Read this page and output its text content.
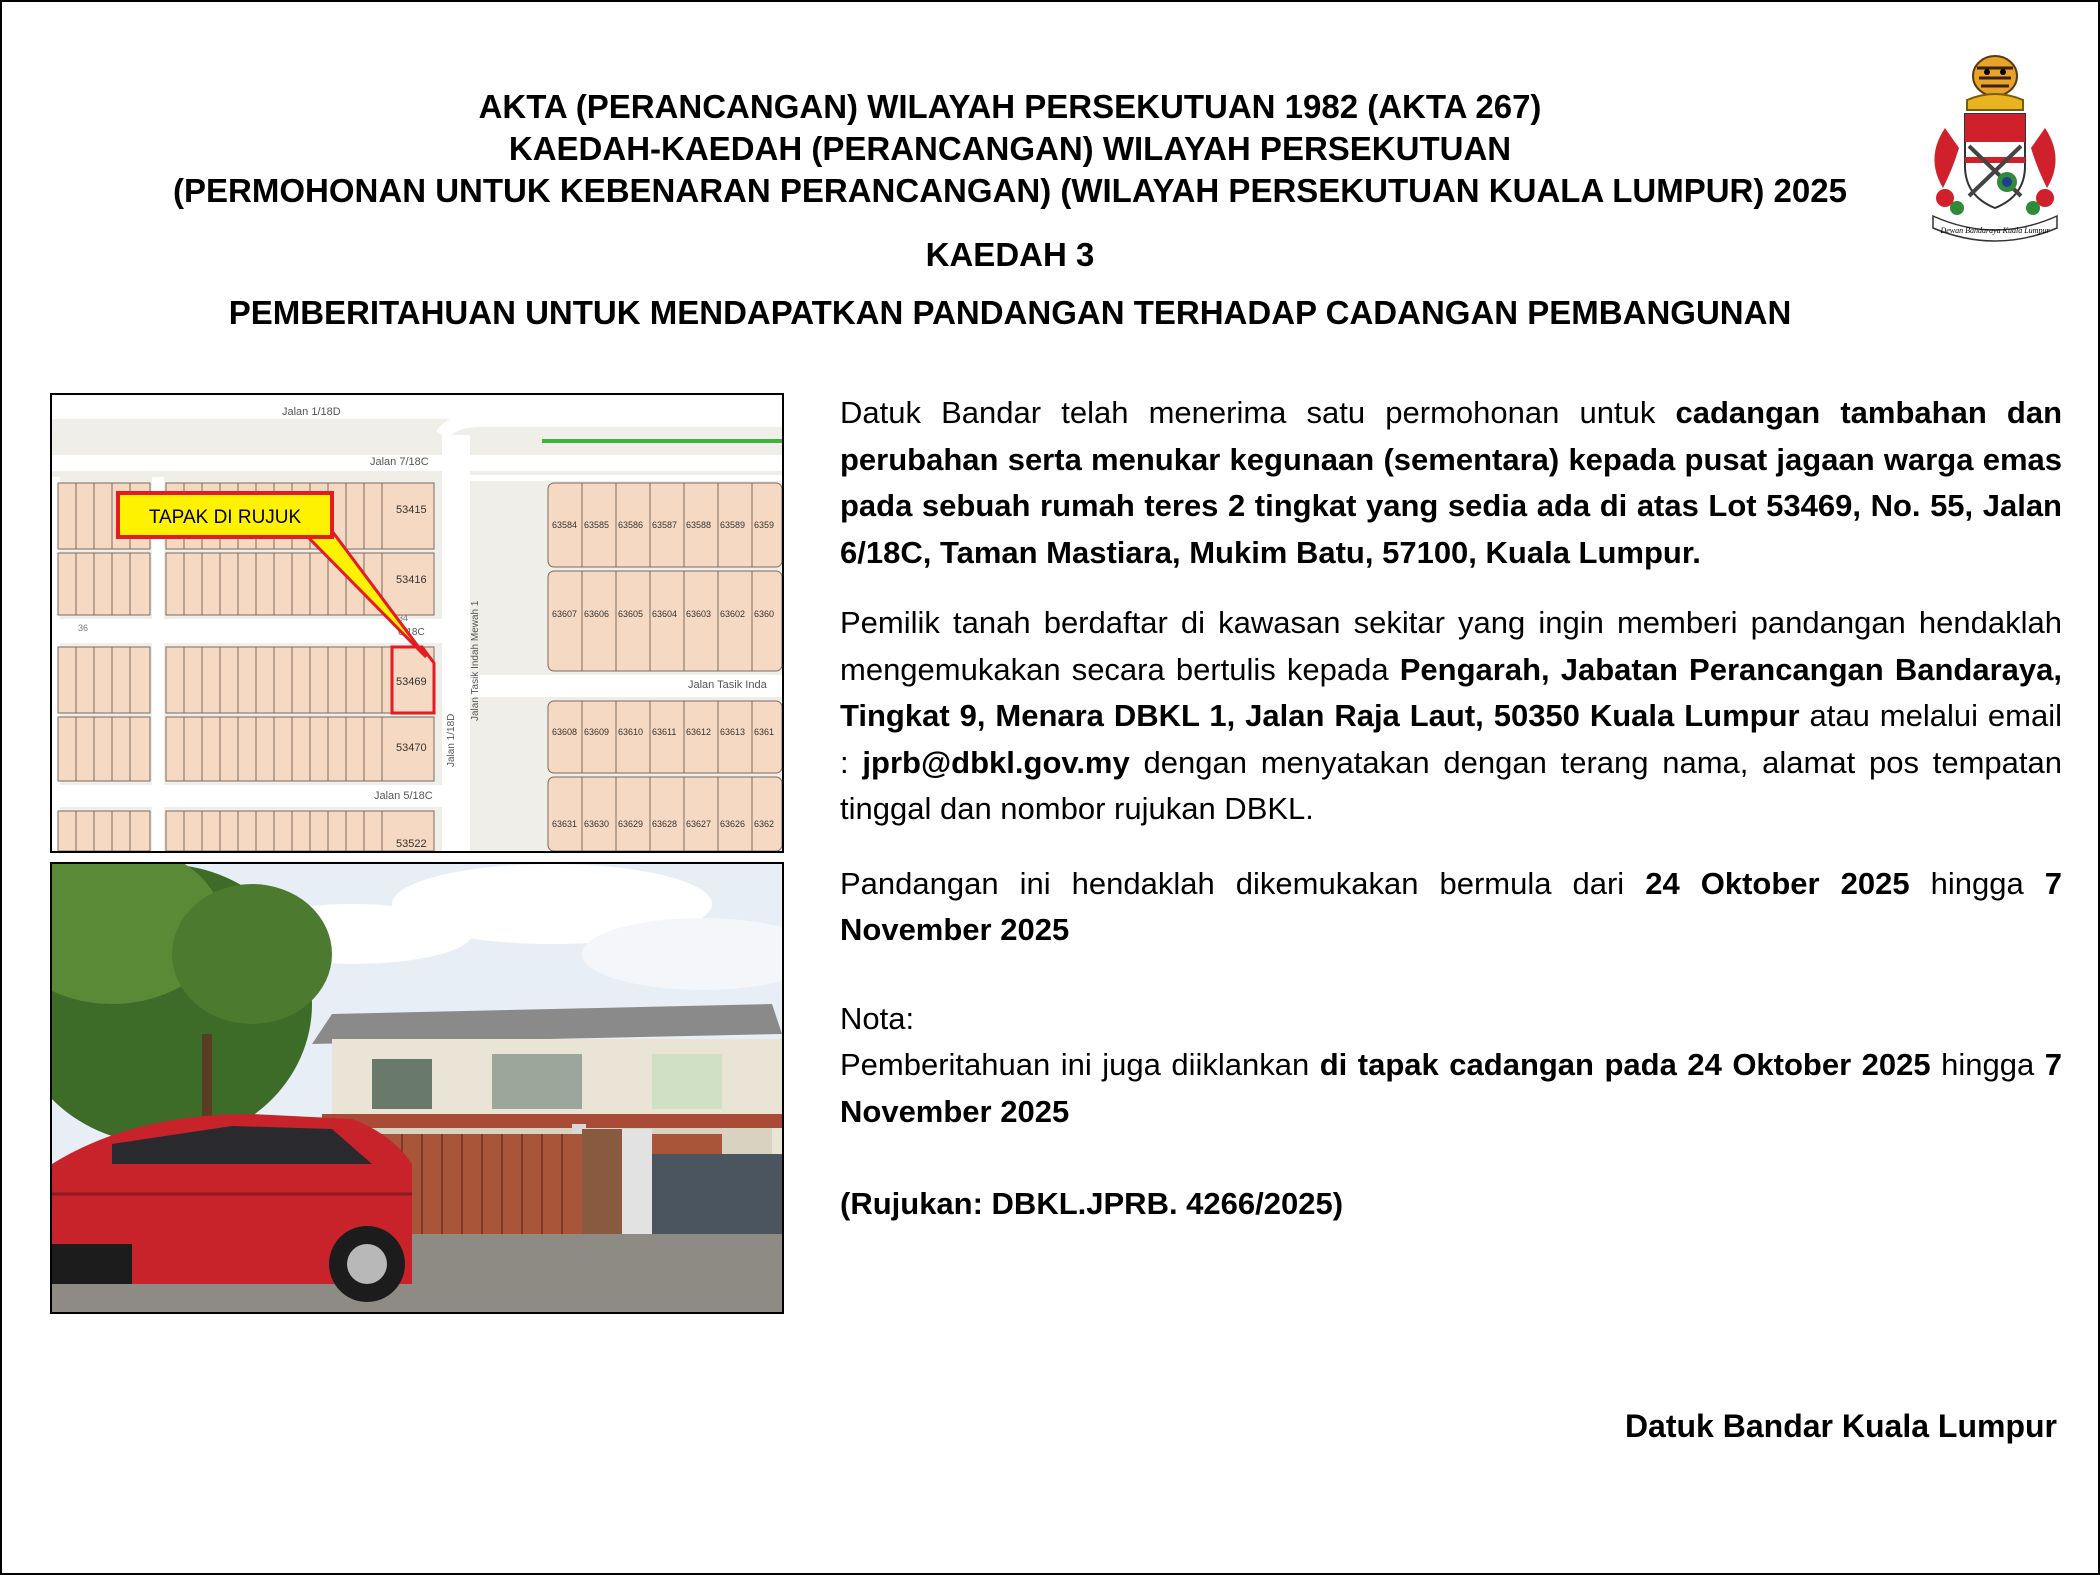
AKTA (PERANCANGAN) WILAYAH PERSEKUTUAN 1982 (AKTA 267)
KAEDAH-KAEDAH (PERANCANGAN) WILAYAH PERSEKUTUAN
(PERMOHONAN UNTUK KEBENARAN PERANCANGAN) (WILAYAH PERSEKUTUAN KUALA LUMPUR) 2025
KAEDAH 3
PEMBERITAHUAN UNTUK MENDAPATKAN PANDANGAN TERHADAP CADANGAN PEMBANGUNAN
Dewan Bandaraya Kuala Lumpur
Jalan 1/18D
Jalan 7/18C
6/18C
Jalan 1/18D
Jalan Tasik Indah Mewah 1	Jalan Tasik Inda
Jalan 5/18C
36
34
53415
53416
53469
53470
53522
63584 63585 63586 63587 63588 63589 6359
63607 63606 63605 63604 63603 63602 6360
63608 63609 63610 63611 63612 63613 6361
63631 63630 63629 63628 63627 63626 6362
TAPAK DI RUJUK

Datuk Bandar telah menerima satu permohonan untuk cadangan tambahan dan perubahan serta menukar kegunaan (sementara) kepada pusat jagaan warga emas pada sebuah rumah teres 2 tingkat yang sedia ada di atas Lot 53469, No. 55, Jalan 6/18C, Taman Mastiara, Mukim Batu, 57100, Kuala Lumpur.

Pemilik tanah berdaftar di kawasan sekitar yang ingin memberi pandangan hendaklah mengemukakan secara bertulis kepada Pengarah, Jabatan Perancangan Bandaraya, Tingkat 9, Menara DBKL 1, Jalan Raja Laut, 50350 Kuala Lumpur atau melalui email : jprb@dbkl.gov.my dengan menyatakan dengan terang nama, alamat pos tempatan tinggal dan nombor rujukan DBKL.

Pandangan ini hendaklah dikemukakan bermula dari 24 Oktober 2025 hingga 7 November 2025

Nota:

Pemberitahuan ini juga diiklankan di tapak cadangan pada 24 Oktober 2025 hingga 7 November 2025

(Rujukan: DBKL.JPRB. 4266/2025)
Datuk Bandar Kuala Lumpur
